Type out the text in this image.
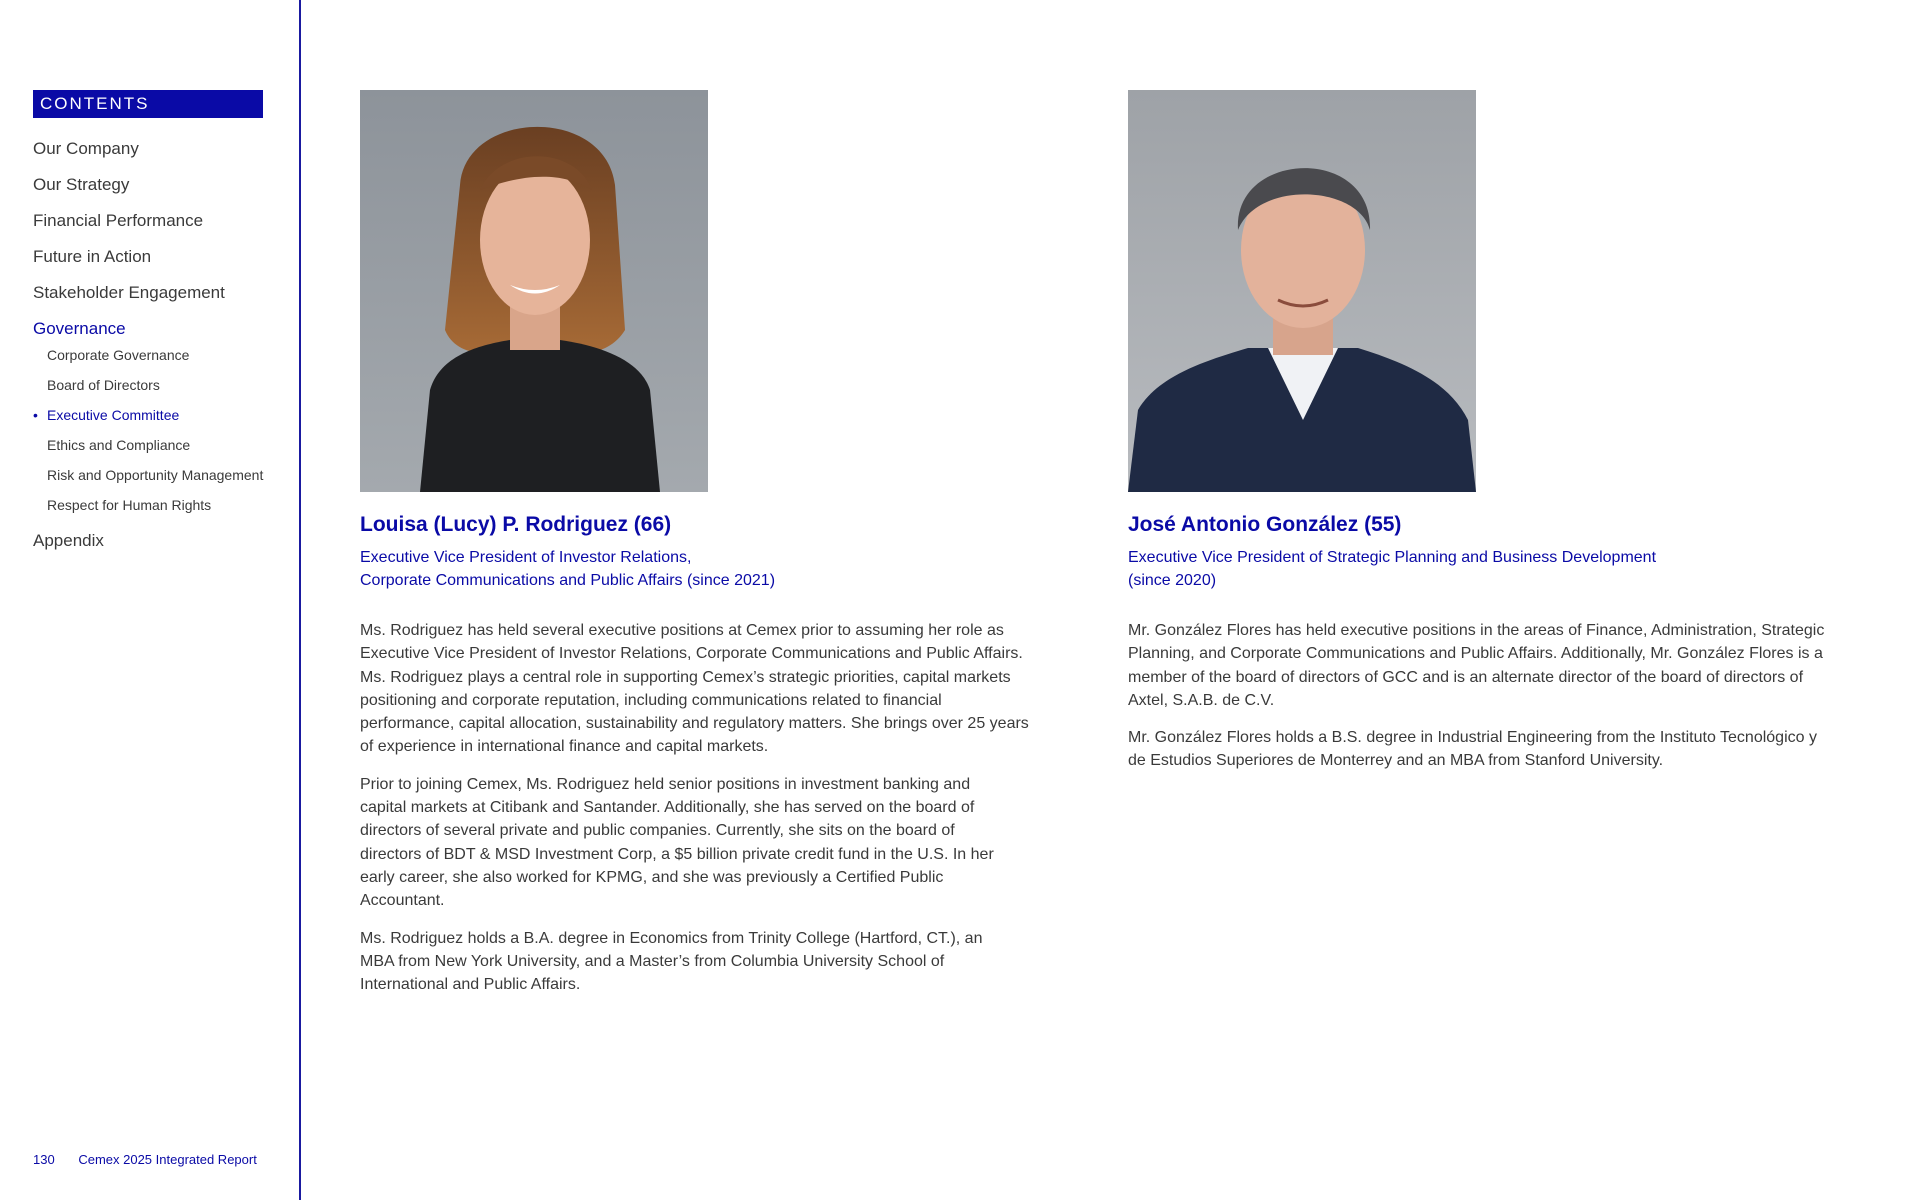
CONTENTS
Our Company
Our Strategy
Financial Performance
Future in Action
Stakeholder Engagement
Governance
Corporate Governance
Board of Directors
• Executive Committee
Ethics and Compliance
Risk and Opportunity Management
Respect for Human Rights
Appendix
130 Cemex 2025 Integrated Report
Louisa (Lucy) P. Rodriguez (66)
Executive Vice President of Investor Relations,
Corporate Communications and Public Affairs (since 2021)

Ms. Rodriguez has held several executive positions at Cemex prior to assuming her role as Executive Vice President of Investor Relations, Corporate Communications and Public Affairs. Ms. Rodriguez plays a central role in supporting Cemex’s strategic priorities, capital markets positioning and corporate reputation, including communications related to financial performance, capital allocation, sustainability and regulatory matters. She brings over 25 years of experience in international finance and capital markets.

Prior to joining Cemex, Ms. Rodriguez held senior positions in investment banking and capital markets at Citibank and Santander. Additionally, she has served on the board of directors of several private and public companies. Currently, she sits on the board of directors of BDT & MSD Investment Corp, a $5 billion private credit fund in the U.S. In her early career, she also worked for KPMG, and she was previously a Certified Public Accountant.

Ms. Rodriguez holds a B.A. degree in Economics from Trinity College (Hartford, CT.), an MBA from New York University, and a Master’s from Columbia University School of International and Public Affairs.

José Antonio González (55)
Executive Vice President of Strategic Planning and Business Development
(since 2020)

Mr. González Flores has held executive positions in the areas of Finance, Administration, Strategic Planning, and Corporate Communications and Public Affairs. Additionally, Mr. González Flores is a member of the board of directors of GCC and is an alternate director of the board of directors of Axtel, S.A.B. de C.V.

Mr. González Flores holds a B.S. degree in Industrial Engineering from the Instituto Tecnológico y de Estudios Superiores de Monterrey and an MBA from Stanford University.
